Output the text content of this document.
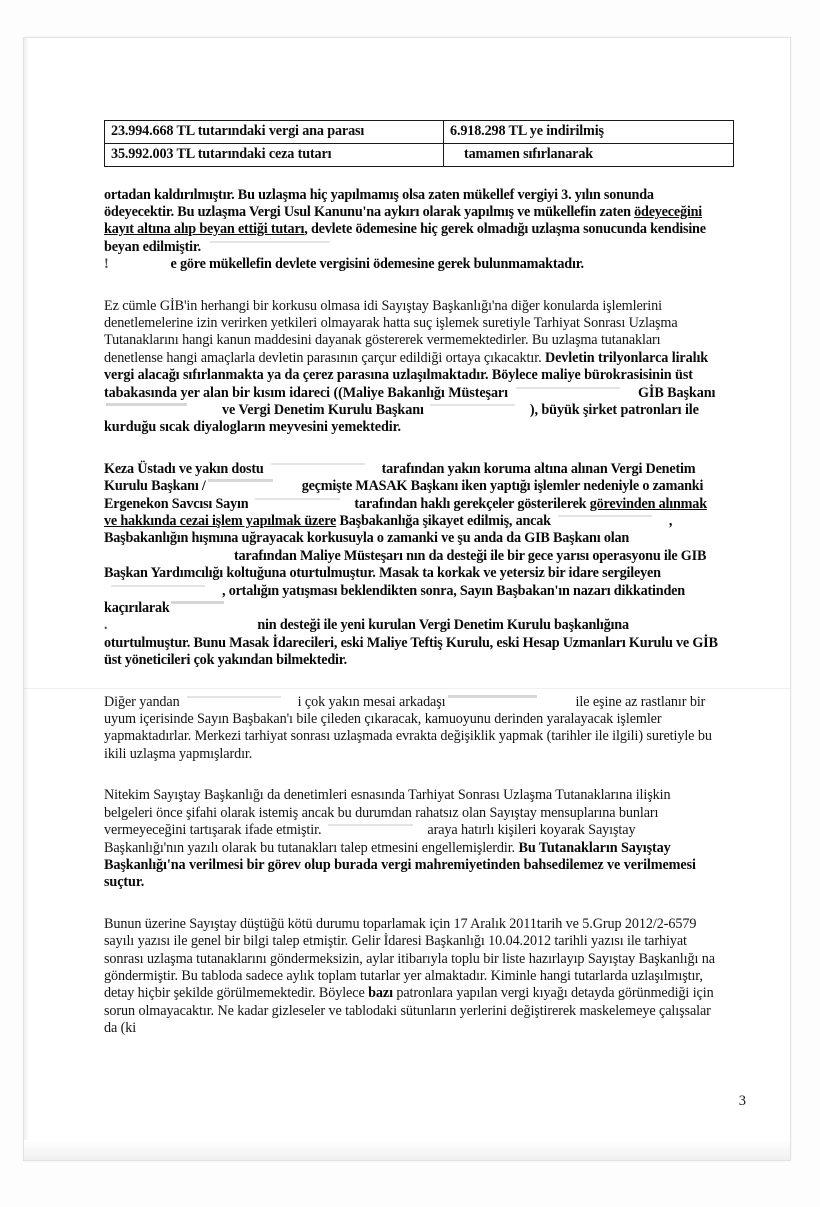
23.994.668 TL tutarındaki vergi ana parası	6.918.298 TL ye indirilmiş
35.992.003 TL tutarındaki ceza tutarı	tamamen sıfırlanarak

ortadan kaldırılmıştır. Bu uzlaşma hiç yapılmamış olsa zaten mükellef vergiyi 3. yılın sonunda ödeyecektir. Bu uzlaşma Vergi Usul Kanunu'na aykırı olarak yapılmış ve mükellefin zaten ödeyeceğini kayıt altına alıp beyan ettiği tutarı, devlete ödemesine hiç gerek olmadığı uzlaşma sonucunda kendisine beyan edilmiştir.
!	e göre mükellefin devlete vergisini ödemesine gerek bulunmamaktadır.

Ez cümle GİB'in herhangi bir korkusu olmasa idi Sayıştay Başkanlığı'na diğer konularda işlemlerini denetlemelerine izin verirken yetkileri olmayarak hatta suç işlemek suretiyle Tarhiyat Sonrası Uzlaşma Tutanaklarını hangi kanun maddesini dayanak göstererek vermemektedirler. Bu uzlaşma tutanakları denetlense hangi amaçlarla devletin parasının çarçur edildiği ortaya çıkacaktır. Devletin trilyonlarca liralık vergi alacağı sıfırlanmakta ya da çerez parasına uzlaşılmaktadır. Böylece maliye bürokrasisinin üst tabakasında yer alan bir kısım idareci ((Maliye Bakanlığı Müsteşarı	GİB Başkanıve Vergi Denetim Kurulu Başkanı	), büyük şirket patronları ile kurduğu sıcak diyalogların meyvesini yemektedir.

Keza Üstadı ve yakın dostu	tarafından yakın koruma altına alınan Vergi Denetim Kurulu Başkanı /	geçmişte MASAK Başkanı iken yaptığı işlemler nedeniyle o zamanki Ergenekon Savcısı Sayın	tarafından haklı gerekçeler gösterilerek görevinden alınmak ve hakkında cezai işlem yapılmak üzere Başbakanlığa şikayet edilmiş, ancak	, Başbakanlığın hışmına uğrayacak korkusuyla o zamanki ve şu anda da GIB Başkanı olantarafından Maliye Müsteşarı nın da desteği ile bir gece yarısı operasyonu ile GIB Başkan Yardımcılığı koltuğuna oturtulmuştur. Masak ta korkak ve yetersiz bir idare sergileyen, ortalığın yatışması beklendikten sonra, Sayın Başbakan'ın nazarı dikkatinden kaçırılarak
.	nin desteği ile yeni kurulan Vergi Denetim Kurulu başkanlığına oturtulmuştur. Bunu Masak İdarecileri, eski Maliye Teftiş Kurulu, eski Hesap Uzmanları Kurulu ve GİB üst yöneticileri çok yakından bilmektedir.

Diğer yandan	i çok yakın mesai arkadaşı	ile eşine az rastlanır bir uyum içerisinde Sayın Başbakan'ı bile çileden çıkaracak, kamuoyunu derinden yaralayacak işlemler yapmaktadırlar. Merkezi tarhiyat sonrası uzlaşmada evrakta değişiklik yapmak (tarihler ile ilgili) suretiyle bu ikili uzlaşma yapmışlardır.

Nitekim Sayıştay Başkanlığı da denetimleri esnasında Tarhiyat Sonrası Uzlaşma Tutanaklarına ilişkin belgeleri önce şifahi olarak istemiş ancak bu durumdan rahatsız olan Sayıştay mensuplarına bunları vermeyeceğini tartışarak ifade etmiştir.	araya hatırlı kişileri koyarak Sayıştay Başkanlığı'nın yazılı olarak bu tutanakları talep etmesini engellemişlerdir. Bu Tutanakların Sayıştay Başkanlığı'na verilmesi bir görev olup burada vergi mahremiyetinden bahsedilemez ve verilmemesi suçtur.

Bunun üzerine Sayıştay düştüğü kötü durumu toparlamak için 17 Aralık 2011tarih ve 5.Grup 2012/2-6579 sayılı yazısı ile genel bir bilgi talep etmiştir. Gelir İdaresi Başkanlığı 10.04.2012 tarihli yazısı ile tarhiyat sonrası uzlaşma tutanaklarını göndermeksizin, aylar itibarıyla toplu bir liste hazırlayıp Sayıştay Başkanlığı na göndermiştir. Bu tabloda sadece aylık toplam tutarlar yer almaktadır. Kiminle hangi tutarlarda uzlaşılmıştır, detay hiçbir şekilde görülmemektedir. Böylece bazı patronlara yapılan vergi kıyağı detayda görünmediği için sorun olmayacaktır. Ne kadar gizleseler ve tablodaki sütunların yerlerini değiştirerek maskelemeye çalışsalar da (ki

3
